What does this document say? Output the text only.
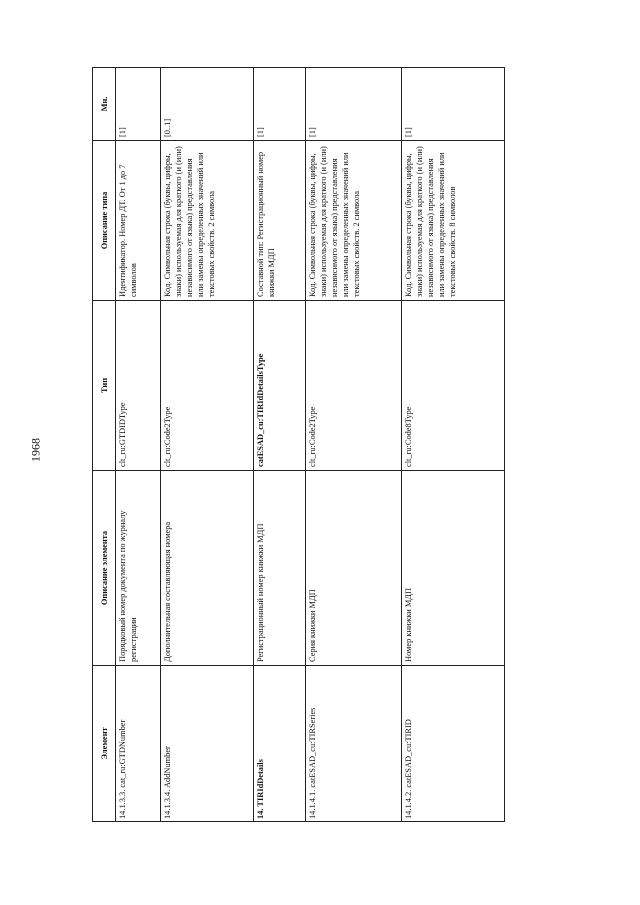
1968
Элемент	Описание элемента	Тип	Описание типа	Мн.
14.1.3.3. cat_ru:GTDNumber	Порядковый номер документа по журналу регистрации	clt_ru:GTDIDType	Идентификатор. Номер ДТ. От 1 до 7 символов	[1]
14.1.3.4. AddNumber	Дополнительная составляющая номера	clt_ru:Code2Type	Код. Символьная строка (буквы, цифры, знаки) используемая для краткого (и (или) независимого от языка) представления или замены определенных значений или текстовых свойств. 2 символа	[0..1]
14. TIRIdDetails	Регистрационный номер книжки МДП	catESAD_cu:TIRIdDetailsType	Составной тип: Регистрационный номер книжки МДП	[1]
14.1.4.1. catESAD_cu:TIRSeries	Серия книжки МДП	clt_ru:Code2Type	Код. Символьная строка (буквы, цифры, знаки) используемая для краткого (и (или) независимого от языка) представления или замены определенных значений или текстовых свойств. 2 символа	[1]
14.1.4.2. catESAD_cu:TIRID	Номер книжки МДП	clt_ru:Code8Type	Код. Символьная строка (буквы, цифры, знаки) используемая для краткого (и (или) независимого от языка) представления или замены определенных значений или текстовых свойств. 8 символов	[1]
